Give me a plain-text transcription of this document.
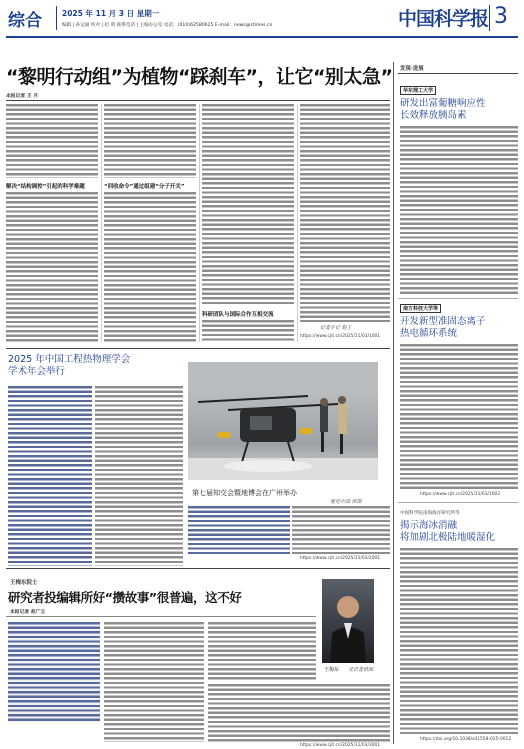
综合	2025 年 11 月 3 日 星期一
编辑 | 孙运通 校对 | 赵 明 联系电话 | 主编办公室 电话：(010)62580625 E-mail：news@stimes.cn	中国科学报 3
“黎明行动组”为植物“踩刹车”，让它“别太急”
本报记者 王 月
解决“结构调控”引起的科学难题	“回收命令”通过组建“分子开关”
科研团队与国际合作互相交流
记者手记 赵王
https://www.cjit.cn/2025/11/03/1001
发现·进展
华东理工大学
研发出富葡糖响应性
长效释放胰岛素
南方科技大学等
开发新型准固态离子
热电循环系统
https://www.cjit.cn/2025/11/03/1002
中国科学院南海海洋研究所等
揭示海冰消融
将加剧北极陆地暖湿化
https://doi.org/10.1038/s41558-025-0012
2025 年中国工程热物理学会
学术年会举行
第七届知交会暨地博会在广州举办
视觉中国 供图
https://www.cjit.cn/2025/11/03/2001
王梅东院士
研究者投编辑所好“攒故事”很普遍，这不好
本报记者 赵广立
王梅东 受访者供图
https://www.cjit.cn/2025/11/03/3001
